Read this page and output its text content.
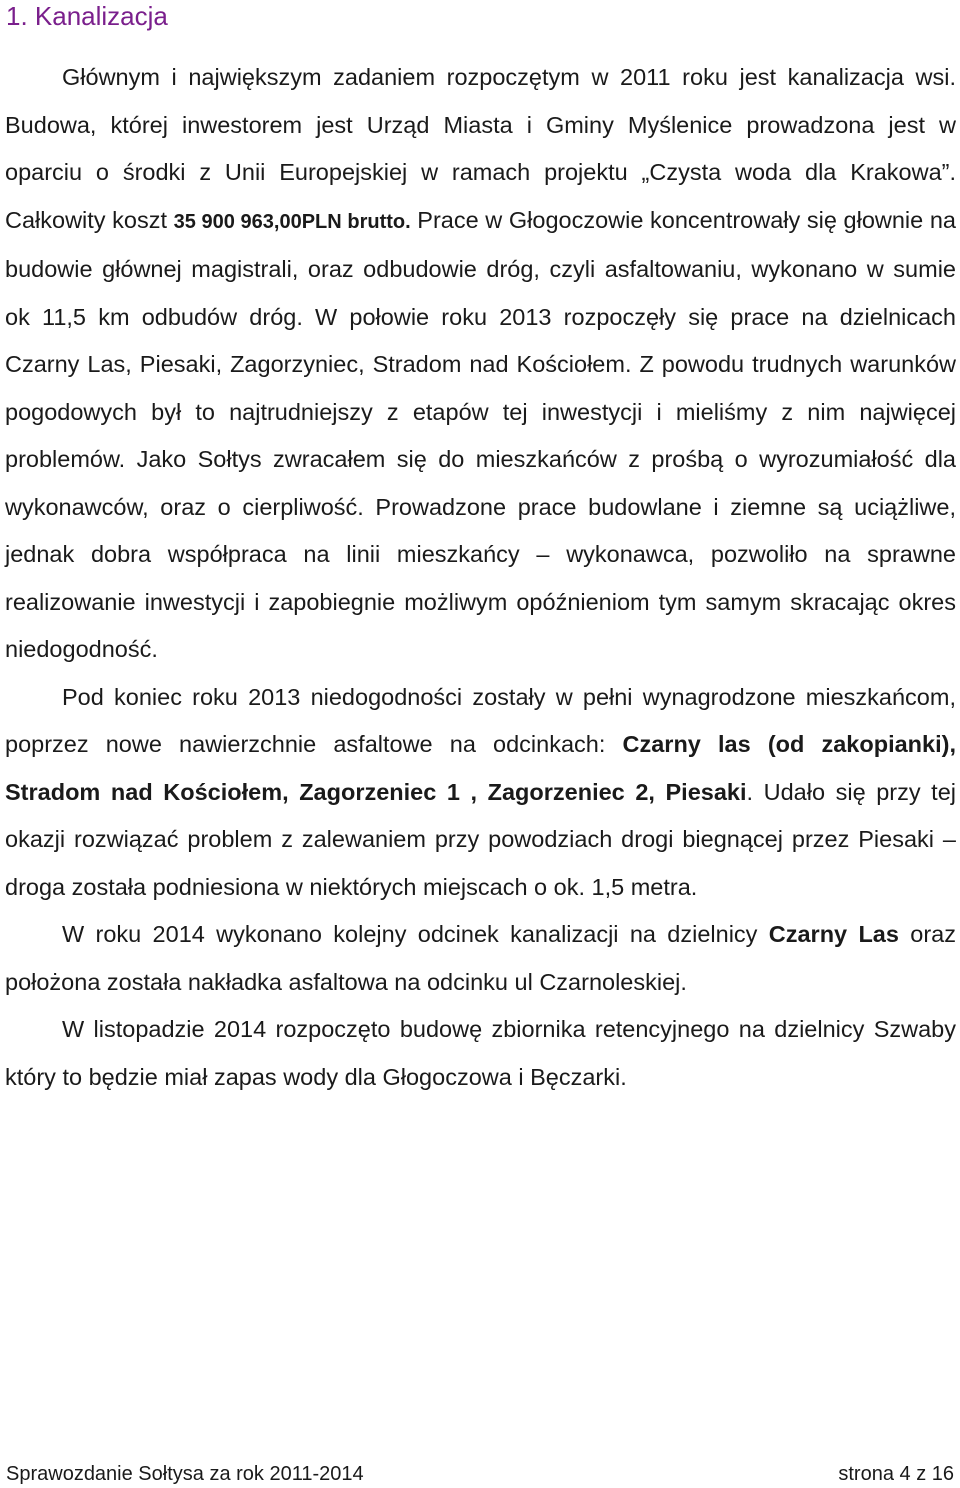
1. Kanalizacja

Głównym i największym zadaniem rozpoczętym w 2011 roku jest kanalizacja wsi. Budowa, której inwestorem jest Urząd Miasta i Gminy Myślenice prowadzona jest w oparciu o środki z Unii Europejskiej w ramach projektu „Czysta woda dla Krakowa”. Całkowity koszt 35 900 963,00PLN brutto. Prace w Głogoczowie koncentrowały się głownie na budowie głównej magistrali, oraz odbudowie dróg, czyli asfaltowaniu, wykonano w sumie ok 11,5 km odbudów dróg. W połowie roku 2013 rozpoczęły się prace na dzielnicach Czarny Las, Piesaki, Zagorzyniec, Stradom nad Kościołem. Z powodu trudnych warunków pogodowych był to najtrudniejszy z etapów tej inwestycji i mieliśmy z nim najwięcej problemów. Jako Sołtys zwracałem się do mieszkańców z prośbą o wyrozumiałość dla wykonawców, oraz o cierpliwość. Prowadzone prace budowlane i ziemne są uciążliwe, jednak dobra współpraca na linii mieszkańcy – wykonawca, pozwoliło na sprawne realizowanie inwestycji i zapobiegnie możliwym opóźnieniom tym samym skracając okres niedogodność.

Pod koniec roku 2013 niedogodności zostały w pełni wynagrodzone mieszkańcom, poprzez nowe nawierzchnie asfaltowe na odcinkach: Czarny las (od zakopianki), Stradom nad Kościołem, Zagorzeniec 1 , Zagorzeniec 2, Piesaki. Udało się przy tej okazji rozwiązać problem z zalewaniem przy powodziach drogi biegnącej przez Piesaki – droga została podniesiona w niektórych miejscach o ok. 1,5 metra.

W roku 2014 wykonano kolejny odcinek kanalizacji na dzielnicy Czarny Las oraz położona została nakładka asfaltowa na odcinku ul Czarnoleskiej.

W listopadzie 2014 rozpoczęto budowę zbiornika retencyjnego na dzielnicy Szwaby który to będzie miał zapas wody dla Głogoczowa i Bęczarki.

Sprawozdanie Sołtysa za rok 2011-2014	strona 4 z 16
